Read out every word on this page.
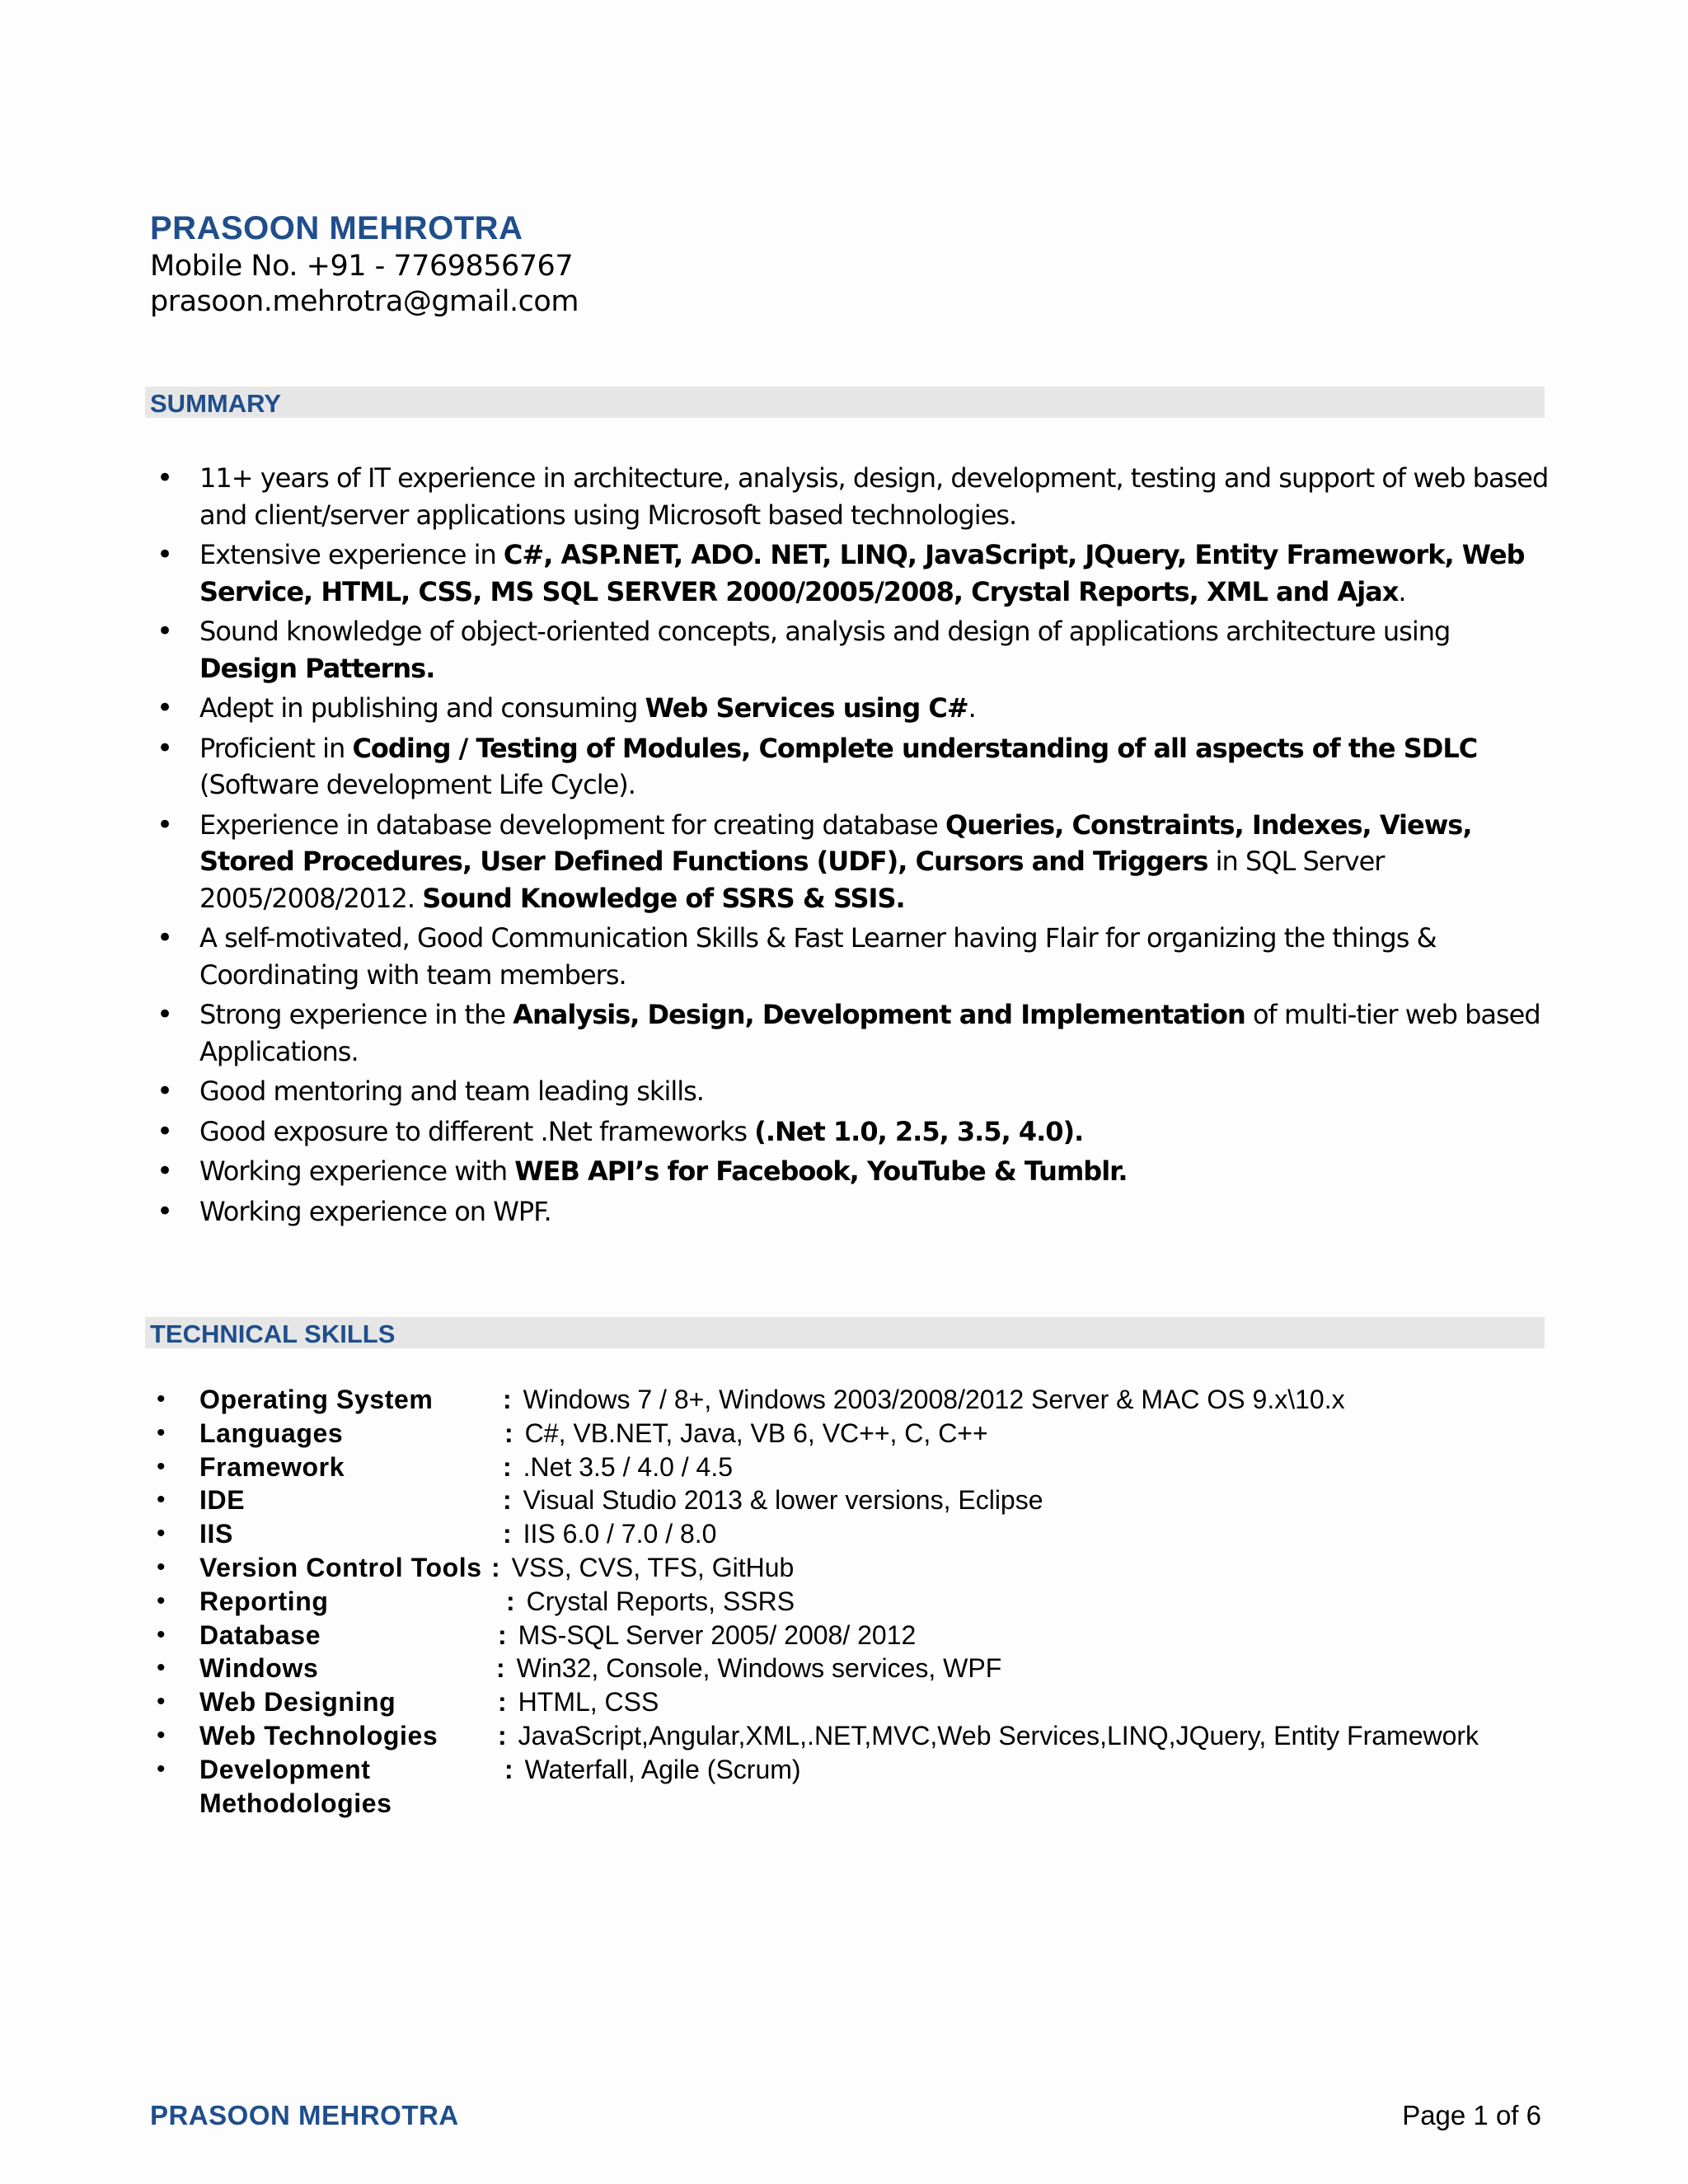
PRASOON MEHROTRA
Mobile No. +91 - 7769856767
prasoon.mehrotra@gmail.com
SUMMARY
• 11+ years of IT experience in architecture, analysis, design, development, testing and support of web based and client/server applications using Microsoft based technologies.
• Extensive experience in C#, ASP.NET, ADO. NET, LINQ, JavaScript, JQuery, Entity Framework, Web Service, HTML, CSS, MS SQL SERVER 2000/2005/2008, Crystal Reports, XML and Ajax.
• Sound knowledge of object-oriented concepts, analysis and design of applications architecture using Design Patterns.
• Adept in publishing and consuming Web Services using C#.
• Proficient in Coding / Testing of Modules, Complete understanding of all aspects of the SDLC (Software development Life Cycle).
• Experience in database development for creating database Queries, Constraints, Indexes, Views, Stored Procedures, User Defined Functions (UDF), Cursors and Triggers in SQL Server 2005/2008/2012. Sound Knowledge of SSRS & SSIS.
• A self-motivated, Good Communication Skills & Fast Learner having Flair for organizing the things & Coordinating with team members.
• Strong experience in the Analysis, Design, Development and Implementation of multi-tier web based Applications.
• Good mentoring and team leading skills.
• Good exposure to different .Net frameworks (.Net 1.0, 2.5, 3.5, 4.0).
• Working experience with WEB API’s for Facebook, YouTube & Tumblr.
• Working experience on WPF.
TECHNICAL SKILLS
• Operating System	: Windows 7 / 8+, Windows 2003/2008/2012 Server & MAC OS 9.x\10.x
• Languages	: C#, VB.NET, Java, VB 6, VC++, C, C++
• Framework	: .Net 3.5 / 4.0 / 4.5
• IDE	: Visual Studio 2013 & lower versions, Eclipse
• IIS	: IIS 6.0 / 7.0 / 8.0
• Version Control Tools : VSS, CVS, TFS, GitHub
• Reporting	: Crystal Reports, SSRS
• Database	: MS-SQL Server 2005/ 2008/ 2012
• Windows	: Win32, Console, Windows services, WPF
• Web Designing	: HTML, CSS
• Web Technologies : JavaScript,Angular,XML,.NET,MVC,Web Services,LINQ,JQuery, Entity Framework
• Development	: Waterfall, Agile (Scrum)
Methodologies
PRASOON MEHROTRA	Page 1 of 6
